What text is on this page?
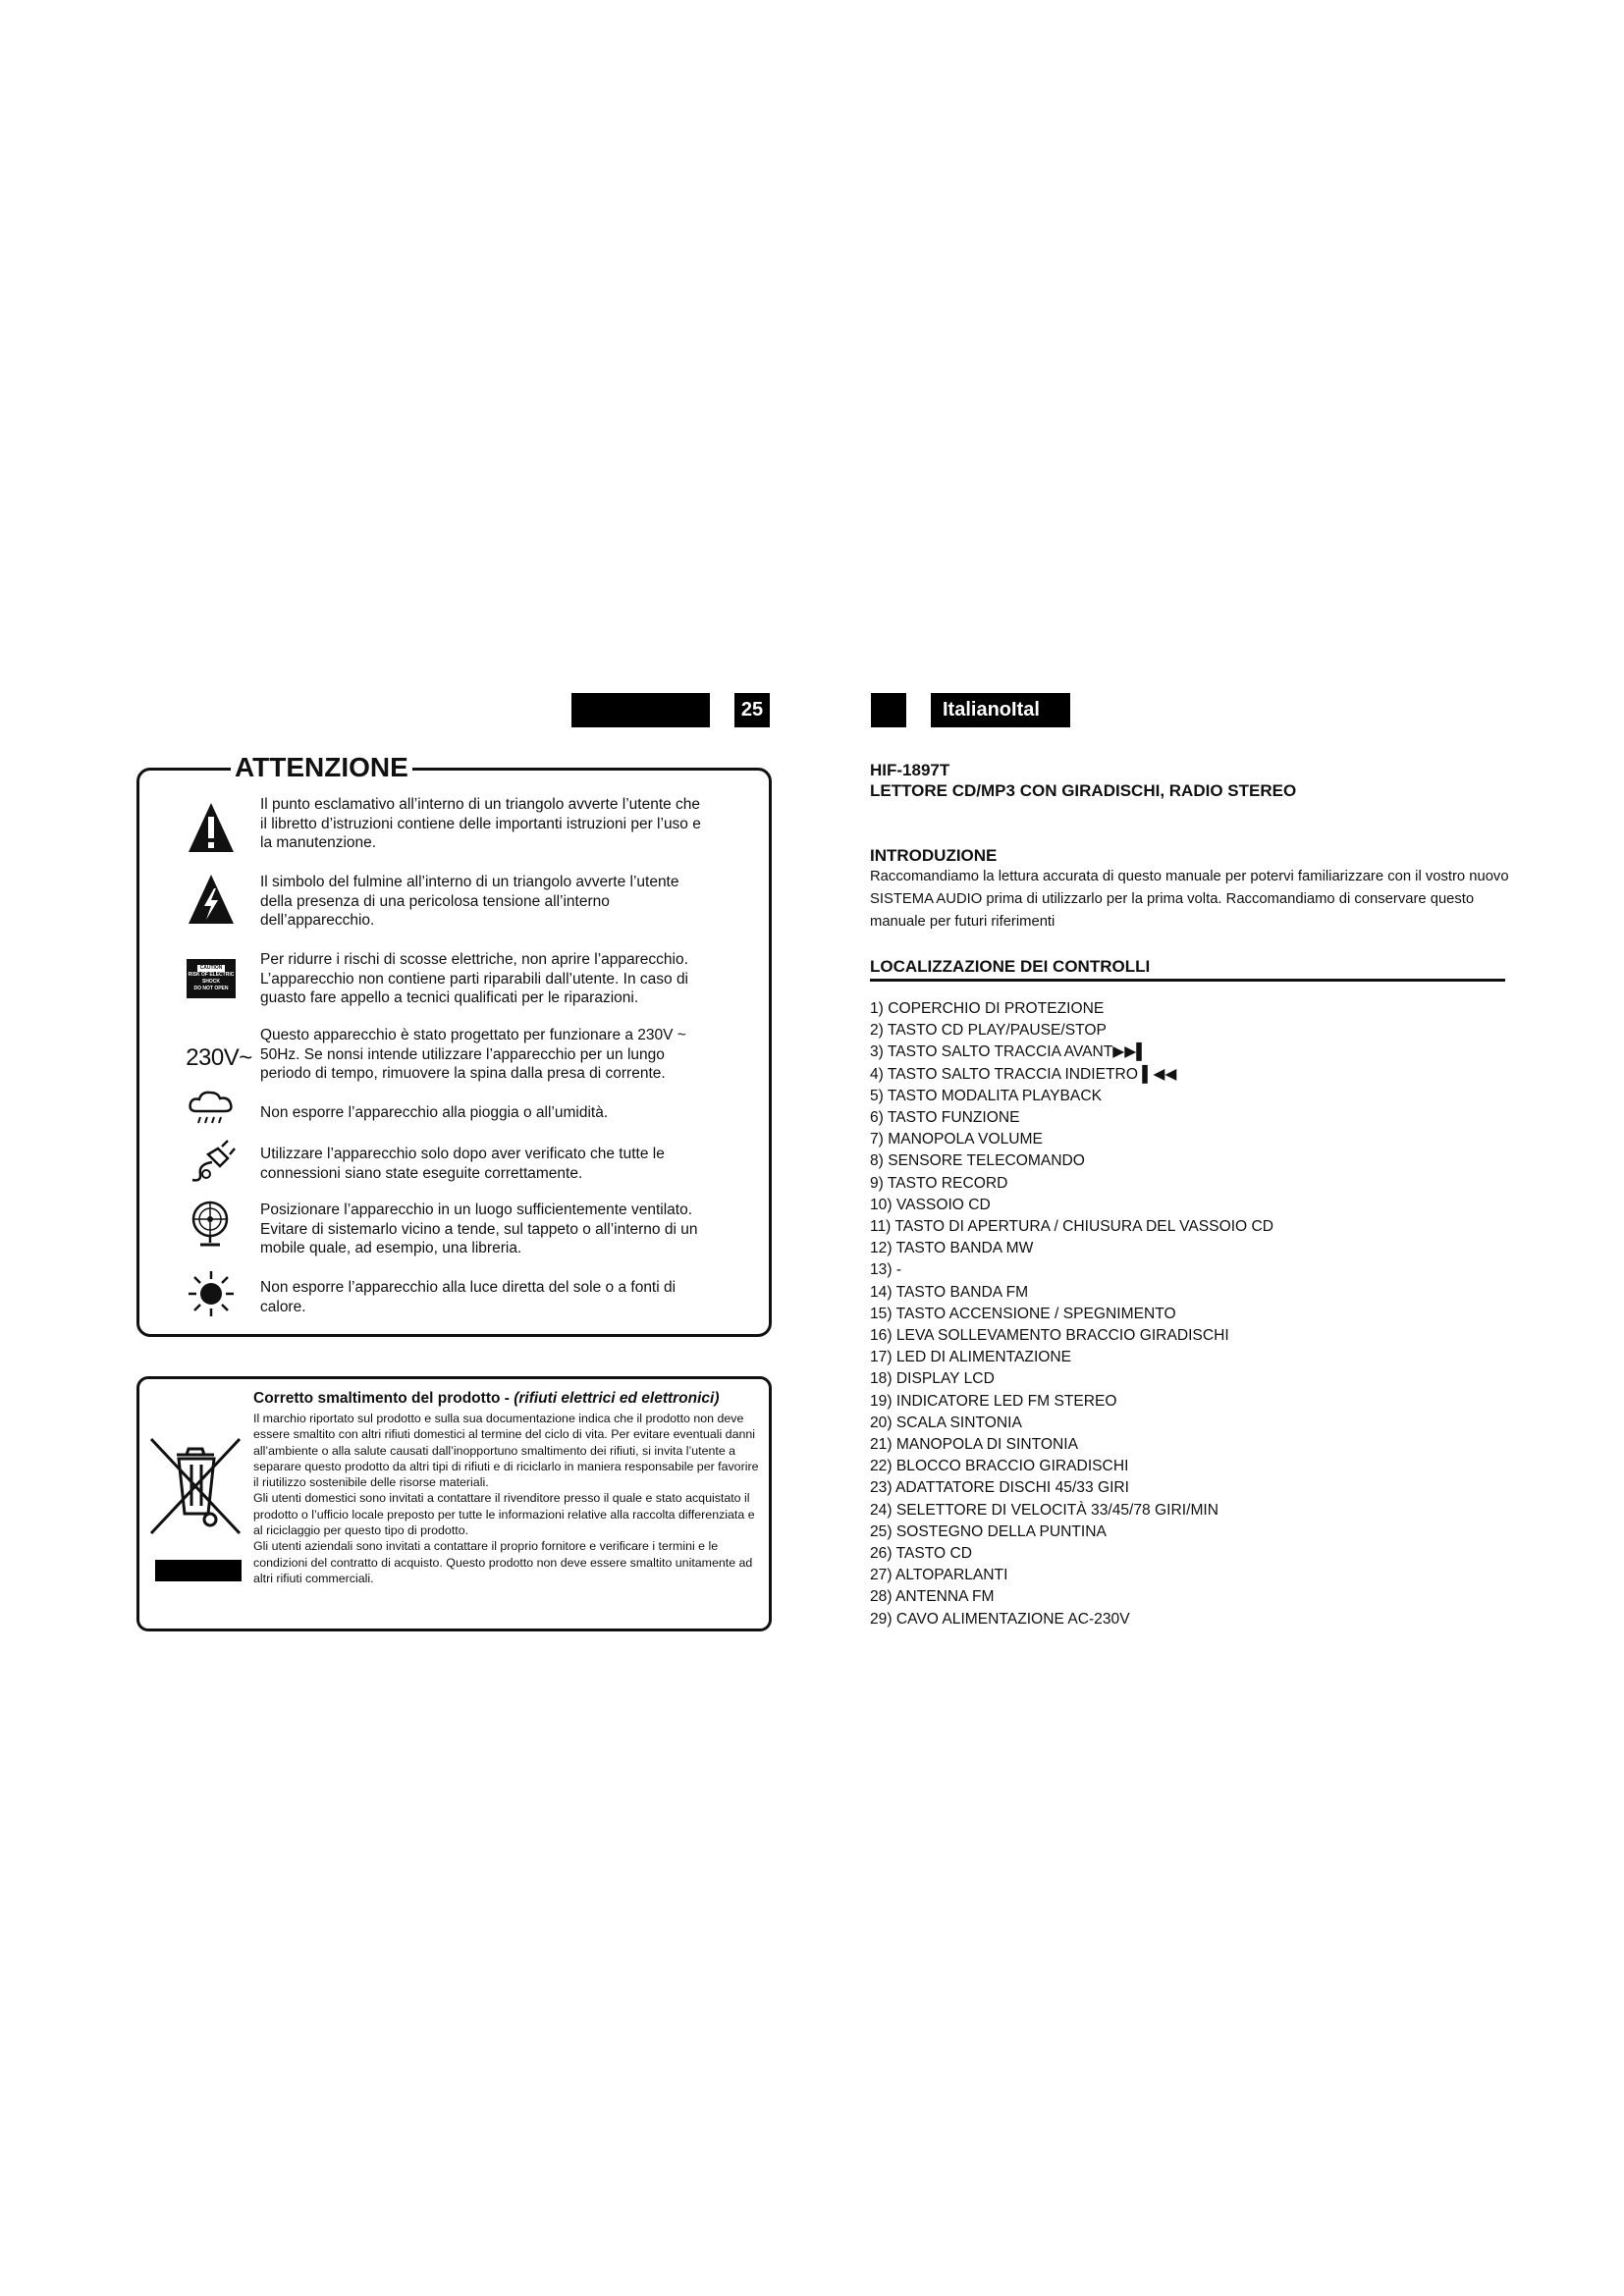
25	ItalianoItal
ATTENZIONE
Il punto esclamativo all’interno di un triangolo avverte l’utente che il libretto d’istruzioni contiene delle importanti istruzioni per l’uso e la manutenzione.
Il simbolo del fulmine all’interno di un triangolo avverte l’utente della presenza di una pericolosa tensione all’interno dell’apparecchio.
CAUTION
RISK OF ELECTRIC SHOCK
DO NOT OPEN
Per ridurre i rischi di scosse elettriche, non aprire l’apparecchio. L’apparecchio non contiene parti riparabili dall’utente. In caso di guasto fare appello a tecnici qualificati per le riparazioni.
230V~
Questo apparecchio è stato progettato per funzionare a 230V ~ 50Hz. Se nonsi intende utilizzare l’apparecchio per un lungo periodo di tempo, rimuovere la spina dalla presa di corrente.
Non esporre l’apparecchio alla pioggia o all’umidità.
Utilizzare l’apparecchio solo dopo aver verificato che tutte le connessioni siano state eseguite correttamente.
Posizionare l’apparecchio in un luogo sufficientemente ventilato. Evitare di sistemarlo vicino a tende, sul tappeto o all’interno di un mobile quale, ad esempio, una libreria.
Non esporre l’apparecchio alla luce diretta del sole o a fonti di calore.
Corretto smaltimento del prodotto - (rifiuti elettrici ed elettronici)
Il marchio riportato sul prodotto e sulla sua documentazione indica che il prodotto non deve essere smaltito con altri rifiuti domestici al termine del ciclo di vita. Per evitare eventuali danni all’ambiente o alla salute causati dall’inopportuno smaltimento dei rifiuti, si invita l’utente a separare questo prodotto da altri tipi di rifiuti e di riciclarlo in maniera responsabile per favorire il riutilizzo sostenibile delle risorse materiali.
Gli utenti domestici sono invitati a contattare il rivenditore presso il quale e stato acquistato il prodotto o l’ufficio locale preposto per tutte le informazioni relative alla raccolta differenziata e al riciclaggio per questo tipo di prodotto.
Gli utenti aziendali sono invitati a contattare il proprio fornitore e verificare i termini e le condizioni del contratto di acquisto. Questo prodotto non deve essere smaltito unitamente ad altri rifiuti commerciali.
HIF-1897T
LETTORE CD/MP3 CON GIRADISCHI, RADIO STEREO
INTRODUZIONE
Raccomandiamo la lettura accurata di questo manuale per potervi familiarizzare con il vostro nuovo SISTEMA AUDIO prima di utilizzarlo per la prima volta. Raccomandiamo di conservare questo manuale per futuri riferimenti
LOCALIZZAZIONE DEI CONTROLLI
1) COPERCHIO DI PROTEZIONE
2) TASTO CD PLAY/PAUSE/STOP
3) TASTO SALTO TRACCIA AVANT▶▶▌
4) TASTO SALTO TRACCIA INDIETRO ▌◀◀
5) TASTO MODALITA PLAYBACK
6) TASTO FUNZIONE
7) MANOPOLA VOLUME
8) SENSORE TELECOMANDO
9) TASTO RECORD
10) VASSOIO CD
11) TASTO DI APERTURA / CHIUSURA DEL VASSOIO CD
12) TASTO BANDA MW
13) -
14) TASTO BANDA FM
15) TASTO ACCENSIONE / SPEGNIMENTO
16) LEVA SOLLEVAMENTO BRACCIO GIRADISCHI
17) LED DI ALIMENTAZIONE
18) DISPLAY LCD
19) INDICATORE LED FM STEREO
20) SCALA SINTONIA
21) MANOPOLA DI SINTONIA
22) BLOCCO BRACCIO GIRADISCHI
23) ADATTATORE DISCHI 45/33 GIRI
24) SELETTORE DI VELOCITÀ 33/45/78 GIRI/MIN
25) SOSTEGNO DELLA PUNTINA
26) TASTO CD
27) ALTOPARLANTI
28) ANTENNA FM
29) CAVO ALIMENTAZIONE AC-230V
